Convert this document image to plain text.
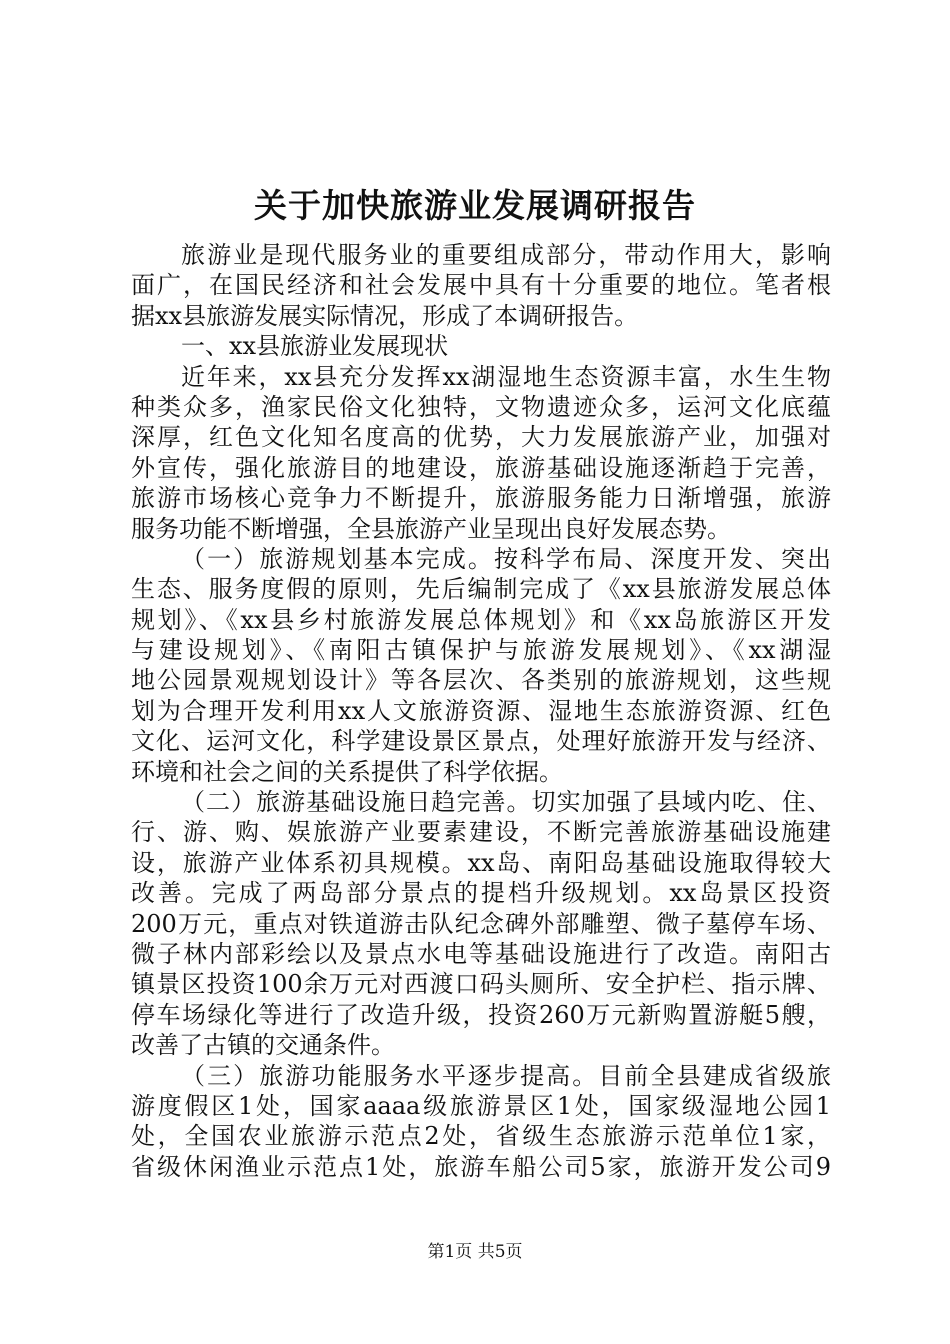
关于加快旅游业发展调研报告
旅游业是现代服务业的重要组成部分，带动作用大，影响
面广，在国民经济和社会发展中具有十分重要的地位。笔者根
据xx县旅游发展实际情况，形成了本调研报告。
一、xx县旅游业发展现状
近年来，xx县充分发挥xx湖湿地生态资源丰富，水生生物
种类众多，渔家民俗文化独特，文物遗迹众多，运河文化底蕴
深厚，红色文化知名度高的优势，大力发展旅游产业，加强对
外宣传，强化旅游目的地建设，旅游基础设施逐渐趋于完善，
旅游市场核心竞争力不断提升，旅游服务能力日渐增强，旅游
服务功能不断增强，全县旅游产业呈现出良好发展态势。
（一）旅游规划基本完成。按科学布局、深度开发、突出
生态、服务度假的原则，先后编制完成了《xx县旅游发展总体
规划》、《xx县乡村旅游发展总体规划》和《xx岛旅游区开发
与建设规划》、《南阳古镇保护与旅游发展规划》、《xx湖湿
地公园景观规划设计》等各层次、各类别的旅游规划，这些规
划为合理开发利用xx人文旅游资源、湿地生态旅游资源、红色
文化、运河文化，科学建设景区景点，处理好旅游开发与经济、
环境和社会之间的关系提供了科学依据。
（二）旅游基础设施日趋完善。切实加强了县域内吃、住、
行、游、购、娱旅游产业要素建设，不断完善旅游基础设施建
设，旅游产业体系初具规模。xx岛、南阳岛基础设施取得较大
改善。完成了两岛部分景点的提档升级规划。xx岛景区投资
200万元，重点对铁道游击队纪念碑外部雕塑、微子墓停车场、
微子林内部彩绘以及景点水电等基础设施进行了改造。南阳古
镇景区投资100余万元对西渡口码头厕所、安全护栏、指示牌、
停车场绿化等进行了改造升级，投资260万元新购置游艇5艘，
改善了古镇的交通条件。
（三）旅游功能服务水平逐步提高。目前全县建成省级旅
游度假区1处，国家aaaa级旅游景区1处，国家级湿地公园1
处，全国农业旅游示范点2处，省级生态旅游示范单位1家，
省级休闲渔业示范点1处，旅游车船公司5家，旅游开发公司9
第1页 共5页
